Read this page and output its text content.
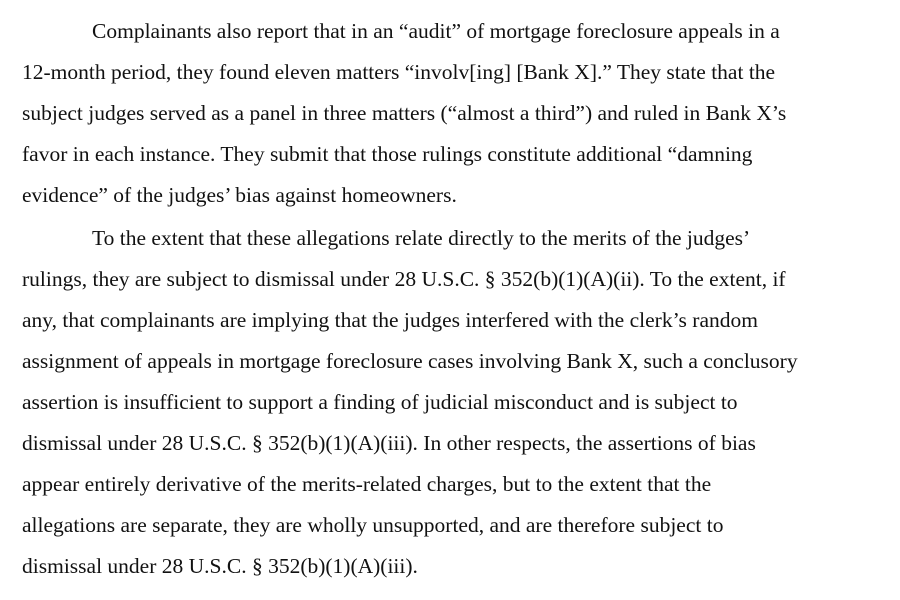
Complainants also report that in an “audit” of mortgage foreclosure appeals in a
12-month period, they found eleven matters “involv[ing] [Bank X].” They state that the
subject judges served as a panel in three matters (“almost a third”) and ruled in Bank X’s
favor in each instance. They submit that those rulings constitute additional “damning
evidence” of the judges’ bias against homeowners.
To the extent that these allegations relate directly to the merits of the judges’
rulings, they are subject to dismissal under 28 U.S.C. § 352(b)(1)(A)(ii). To the extent, if
any, that complainants are implying that the judges interfered with the clerk’s random
assignment of appeals in mortgage foreclosure cases involving Bank X, such a conclusory
assertion is insufficient to support a finding of judicial misconduct and is subject to
dismissal under 28 U.S.C. § 352(b)(1)(A)(iii). In other respects, the assertions of bias
appear entirely derivative of the merits-related charges, but to the extent that the
allegations are separate, they are wholly unsupported, and are therefore subject to
dismissal under 28 U.S.C. § 352(b)(1)(A)(iii).
